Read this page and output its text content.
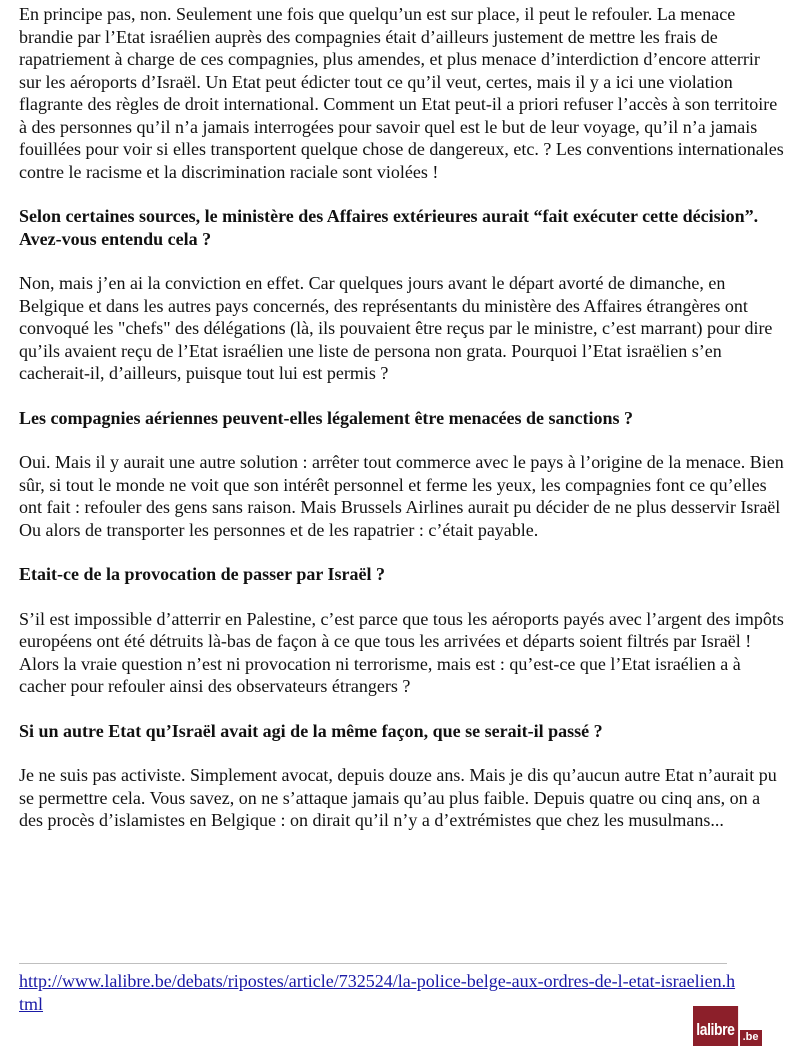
En principe pas, non. Seulement une fois que quelqu’un est sur place, il peut le refouler. La menace brandie par l’Etat israélien auprès des compagnies était d’ailleurs justement de mettre les frais de rapatriement à charge de ces compagnies, plus amendes, et plus menace d’interdiction d’encore atterrir sur les aéroports d’Israël. Un Etat peut édicter tout ce qu’il veut, certes, mais il y a ici une violation flagrante des règles de droit international. Comment un Etat peut-il a priori refuser l’accès à son territoire à des personnes qu’il n’a jamais interrogées pour savoir quel est le but de leur voyage, qu’il n’a jamais fouillées pour voir si elles transportent quelque chose de dangereux, etc. ? Les conventions internationales contre le racisme et la discrimination raciale sont violées !

Selon certaines sources, le ministère des Affaires extérieures aurait “fait exécuter cette décision”. Avez-vous entendu cela ?

Non, mais j’en ai la conviction en effet. Car quelques jours avant le départ avorté de dimanche, en Belgique et dans les autres pays concernés, des représentants du ministère des Affaires étrangères ont convoqué les "chefs" des délégations (là, ils pouvaient être reçus par le ministre, c’est marrant) pour dire qu’ils avaient reçu de l’Etat israélien une liste de persona non grata. Pourquoi l’Etat israëlien s’en cacherait-il, d’ailleurs, puisque tout lui est permis ?

Les compagnies aériennes peuvent-elles légalement être menacées de sanctions ?

Oui. Mais il y aurait une autre solution : arrêter tout commerce avec le pays à l’origine de la menace. Bien sûr, si tout le monde ne voit que son intérêt personnel et ferme les yeux, les compagnies font ce qu’elles ont fait : refouler des gens sans raison. Mais Brussels Airlines aurait pu décider de ne plus desservir Israël Ou alors de transporter les personnes et de les rapatrier : c’était payable.

Etait-ce de la provocation de passer par Israël ?

S’il est impossible d’atterrir en Palestine, c’est parce que tous les aéroports payés avec l’argent des impôts européens ont été détruits là-bas de façon à ce que tous les arrivées et départs soient filtrés par Israël ! Alors la vraie question n’est ni provocation ni terrorisme, mais est : qu’est-ce que l’Etat israélien a à cacher pour refouler ainsi des observateurs étrangers ?

Si un autre Etat qu’Israël avait agi de la même façon, que se serait-il passé ?

Je ne suis pas activiste. Simplement avocat, depuis douze ans. Mais je dis qu’aucun autre Etat n’aurait pu se permettre cela. Vous savez, on ne s’attaque jamais qu’au plus faible. Depuis quatre ou cinq ans, on a des procès d’islamistes en Belgique : on dirait qu’il n’y a d’extrémistes que chez les musulmans...

http://www.lalibre.be/debats/ripostes/article/732524/la-police-belge-aux-ordres-de-l-etat-israelien.html
lalibre .be
